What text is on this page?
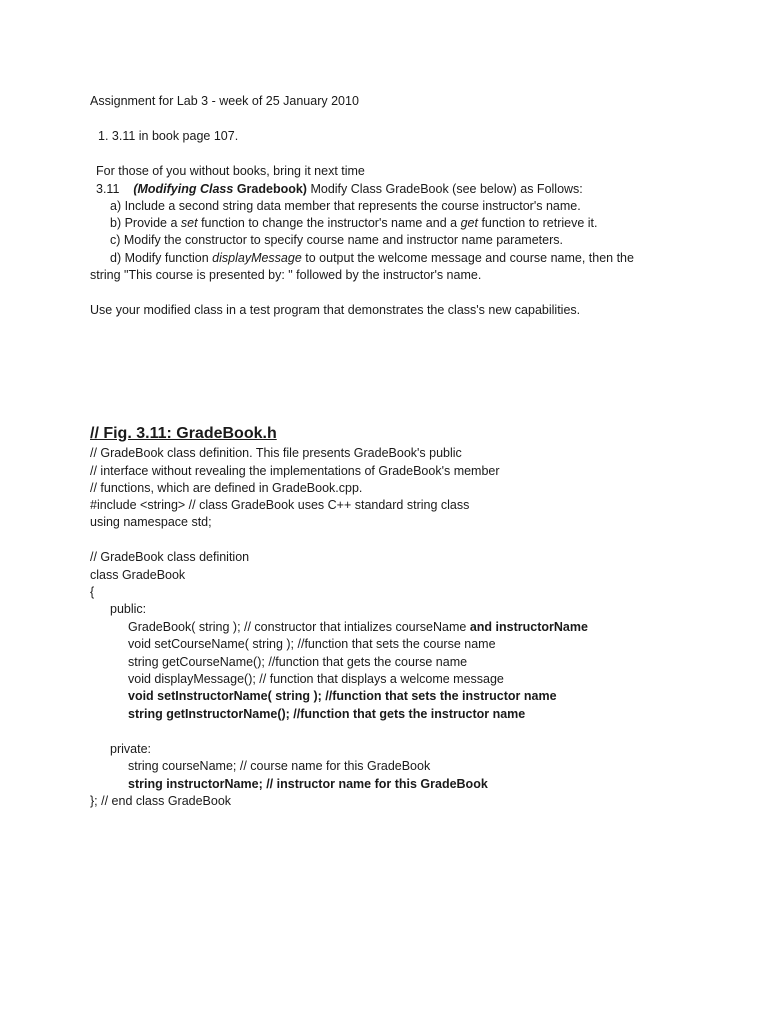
Assignment for Lab 3 - week of 25 January 2010
1. 3.11 in book page 107.
For those of you without books, bring it next time
3.11 (Modifying Class Gradebook) Modify Class GradeBook (see below) as Follows:
a) Include a second string data member that represents the course instructor's name.
b) Provide a set function to change the instructor's name and a get function to retrieve it.
c) Modify the constructor to specify course name and instructor name parameters.
d) Modify function displayMessage to output the welcome message and course name, then the
string "This course is presented by: " followed by the instructor's name.
Use your modified class in a test program that demonstrates the class's new capabilities.
// Fig. 3.11: GradeBook.h
// GradeBook class definition. This file presents GradeBook's public
// interface without revealing the implementations of GradeBook's member
// functions, which are defined in GradeBook.cpp.
#include <string> // class GradeBook uses C++ standard string class
using namespace std;
// GradeBook class definition
class GradeBook
{
public:
GradeBook( string ); // constructor that intializes courseName and instructorName
void setCourseName( string ); //function that sets the course name
string getCourseName(); //function that gets the course name
void displayMessage(); // function that displays a welcome message
void setInstructorName( string ); //function that sets the instructor name
string getInstructorName(); //function that gets the instructor name
private:
string courseName; // course name for this GradeBook
string instructorName; // instructor name for this GradeBook
}; // end class GradeBook
